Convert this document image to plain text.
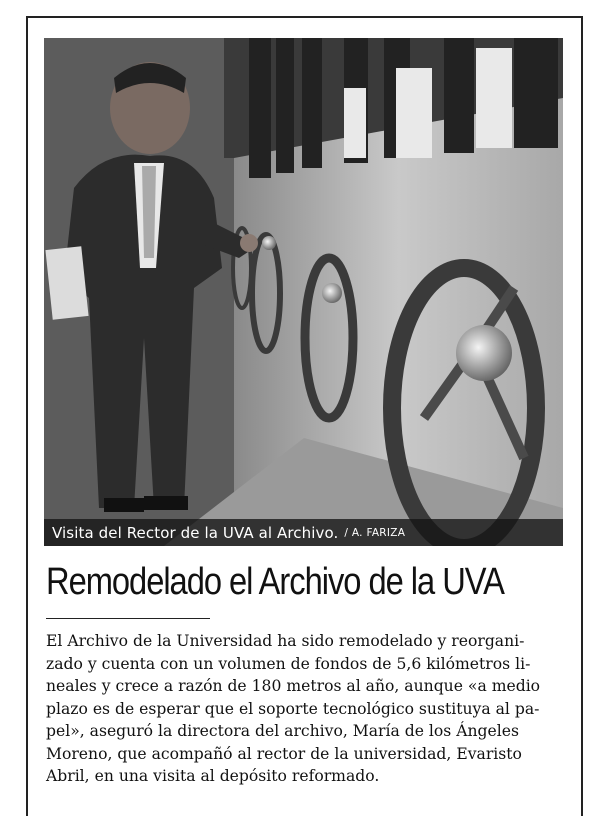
Visita del Rector de la UVA al Archivo. / A. FARIZA
Remodelado el Archivo de la UVA
El Archivo de la Universidad ha sido remodelado y reorgani-
zado y cuenta con un volumen de fondos de 5,6 kilómetros li-
neales y crece a razón de 180 metros al año, aunque «a medio
plazo es de esperar que el soporte tecnológico sustituya al pa-
pel», aseguró la directora del archivo, María de los Ángeles
Moreno, que acompañó al rector de la universidad, Evaristo
Abril, en una visita al depósito reformado.
